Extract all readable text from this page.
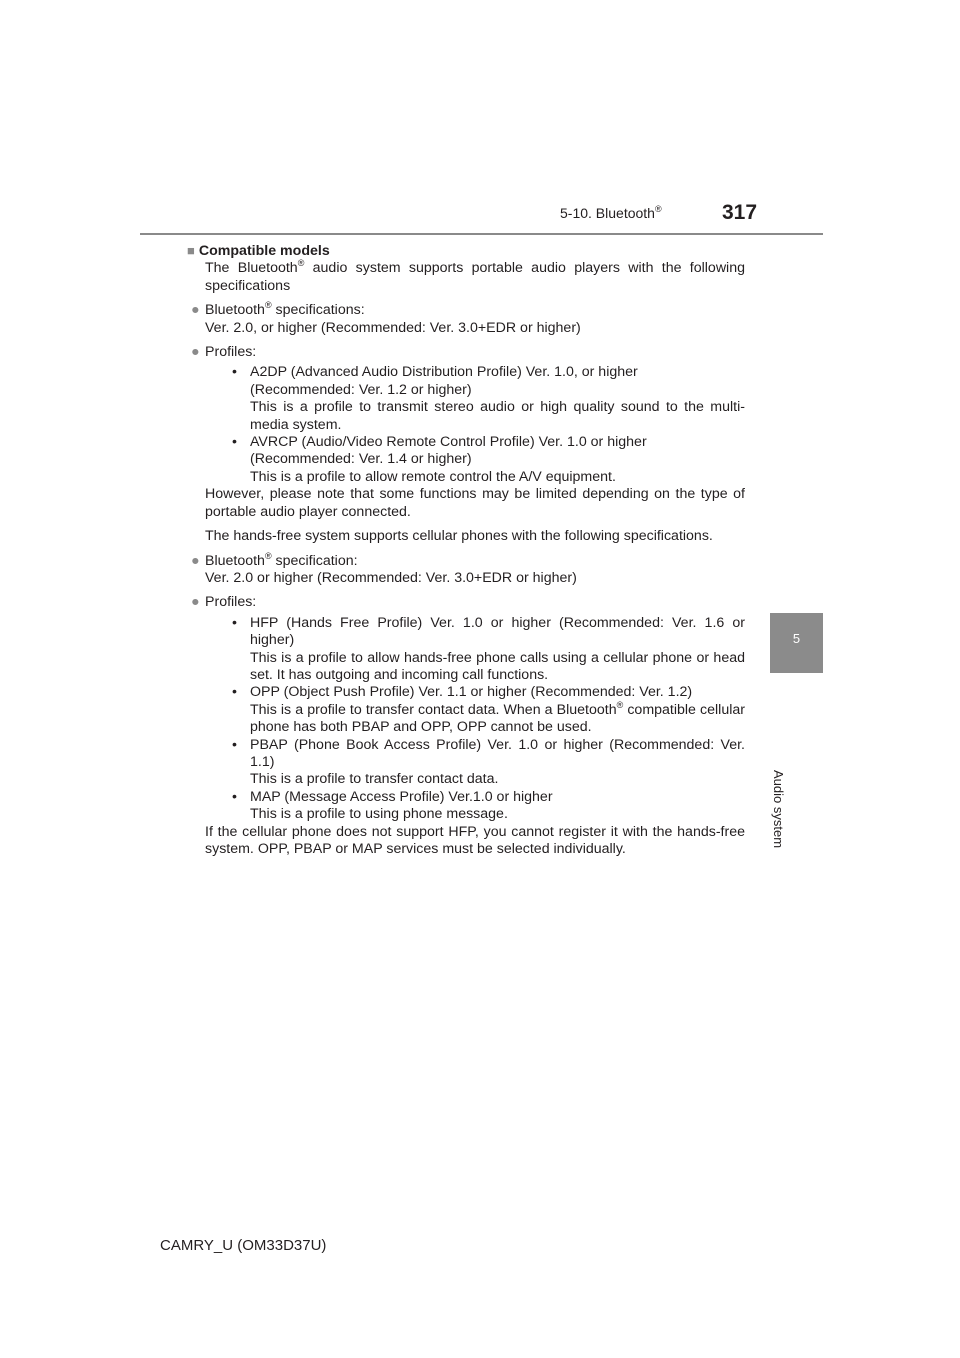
5-10. Bluetooth®	317
5
Audio system

■ Compatible models

The Bluetooth® audio system supports portable audio players with the following specifications

● Bluetooth® specifications:

Ver. 2.0, or higher (Recommended: Ver. 3.0+EDR or higher)

● Profiles:

• A2DP (Advanced Audio Distribution Profile) Ver. 1.0, or higher

(Recommended: Ver. 1.2 or higher)

This is a profile to transmit stereo audio or high quality sound to the multi-media system.

• AVRCP (Audio/Video Remote Control Profile) Ver. 1.0 or higher

(Recommended: Ver. 1.4 or higher)

This is a profile to allow remote control the A/V equipment.

However, please note that some functions may be limited depending on the type of portable audio player connected.

The hands-free system supports cellular phones with the following specifications.

● Bluetooth® specification:

Ver. 2.0 or higher (Recommended: Ver. 3.0+EDR or higher)

● Profiles:

• HFP (Hands Free Profile) Ver. 1.0 or higher (Recommended: Ver. 1.6 or higher)

This is a profile to allow hands-free phone calls using a cellular phone or head set. It has outgoing and incoming call functions.

• OPP (Object Push Profile) Ver. 1.1 or higher (Recommended: Ver. 1.2)

This is a profile to transfer contact data. When a Bluetooth® compatible cellular phone has both PBAP and OPP, OPP cannot be used.

• PBAP (Phone Book Access Profile) Ver. 1.0 or higher (Recommended: Ver. 1.1)

This is a profile to transfer contact data.

• MAP (Message Access Profile) Ver.1.0 or higher

This is a profile to using phone message.

If the cellular phone does not support HFP, you cannot register it with the hands-free system. OPP, PBAP or MAP services must be selected individually.

CAMRY_U (OM33D37U)
